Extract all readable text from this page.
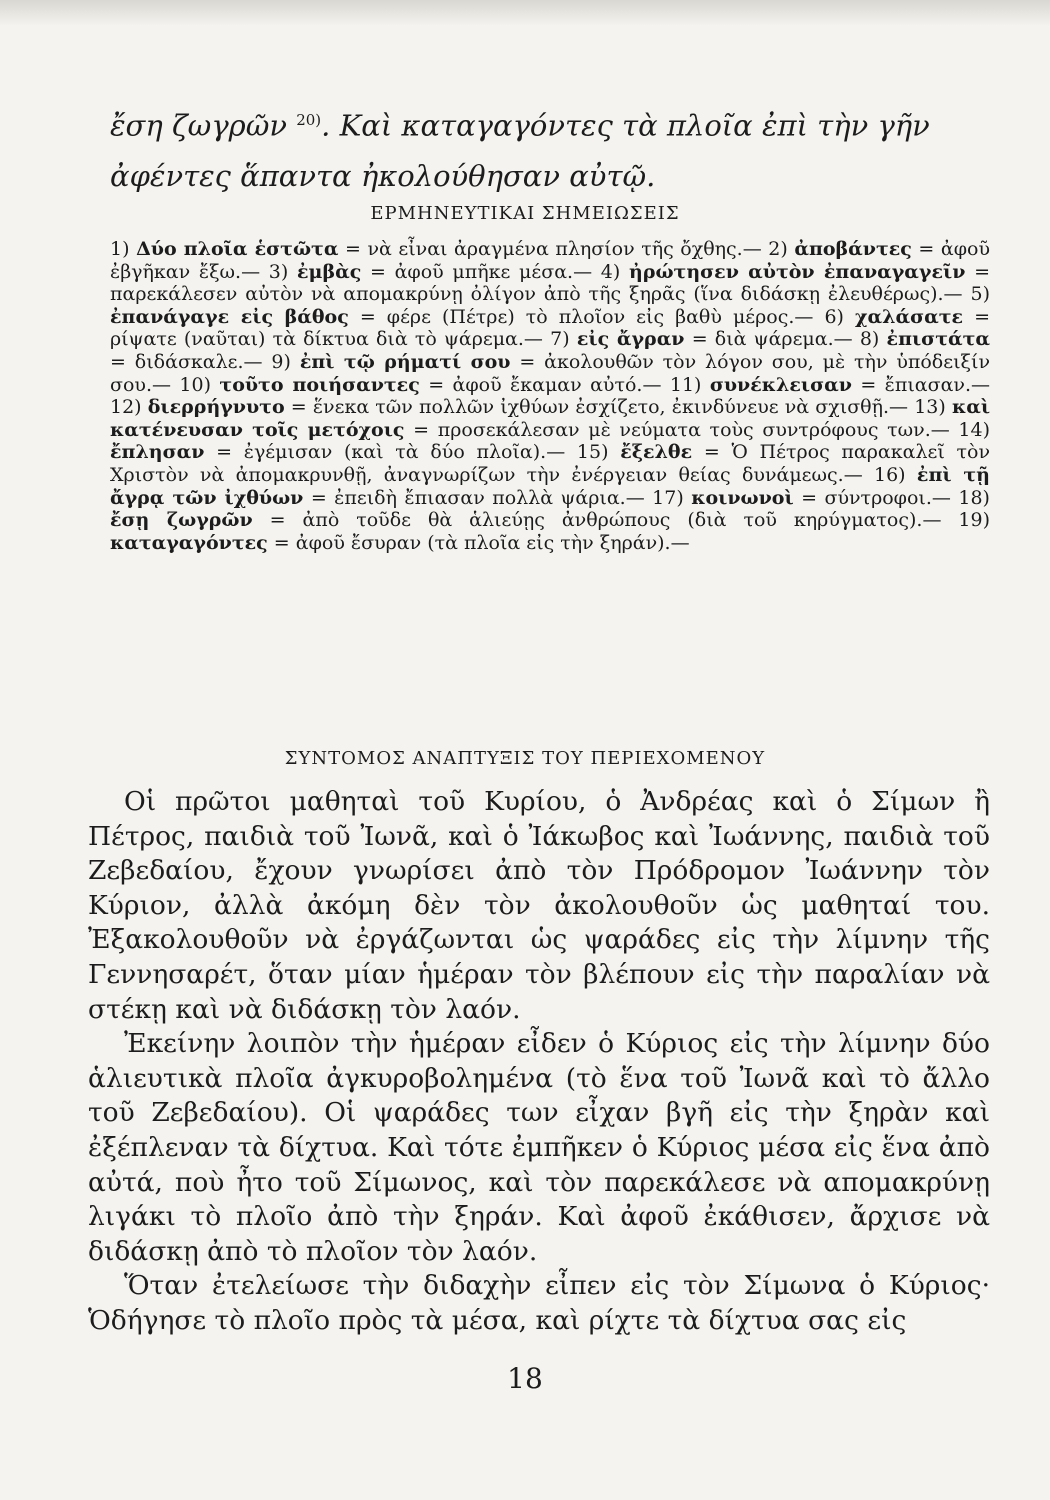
ἔση ζωγρῶν $^{20)}$. Καὶ καταγαγόντες τὰ πλοῖα ἐπὶ τὴν γῆν ἀφέντες ἅπαντα ἠκολούθησαν αὐτῷ.

ΕΡΜΗΝΕΥΤΙΚΑΙ ΣΗΜΕΙΩΣΕΙΣ

1) Δύο πλοῖα ἑστῶτα = νὰ εἶναι ἀραγμένα πλησίον τῆς ὄχθης.— 2) ἀποβάντες = ἀφοῦ ἐβγῆκαν ἔξω.— 3) ἐμβὰς = ἀφοῦ μπῆκε μέσα.— 4) ἠρώτησεν αὐτὸν ἐπαναγαγεῖν = παρεκάλεσεν αὐτὸν νὰ απομακρύνῃ ὀλίγον ἀπὸ τῆς ξηρᾶς (ἵνα διδάσκῃ ἐλευθέρως).— 5) ἐπανάγαγε εἰς βάθος = φέρε (Πέτρε) τὸ πλοῖον εἰς βαθὺ μέρος.— 6) χαλάσατε = ρίψατε (ναῦται) τὰ δίκτυα διὰ τὸ ψάρεμα.— 7) εἰς ἄγραν = διὰ ψάρεμα.— 8) ἐπιστάτα = διδάσκαλε.— 9) ἐπὶ τῷ ρήματί σου = ἀκολουθῶν τὸν λόγον σου, μὲ τὴν ὑπόδειξίν σου.— 10) τοῦτο ποιήσαντες = ἀφοῦ ἔκαμαν αὐτό.— 11) συνέκλεισαν = ἔπιασαν.— 12) διερρήγνυτο = ἕνεκα τῶν πολλῶν ἰχθύων ἐσχίζετο, ἐκινδύνευε νὰ σχισθῇ.— 13) καὶ κατένευσαν τοῖς μετόχοις = προσεκάλεσαν μὲ νεύματα τοὺς συντρόφους των.— 14) ἔπλησαν = ἐγέμισαν (καὶ τὰ δύο πλοῖα).— 15) ἔξελθε = Ὁ Πέτρος παρακαλεῖ τὸν Χριστὸν νὰ ἀπομακρυνθῇ, ἀναγνωρίζων τὴν ἐνέργειαν θείας δυνάμεως.— 16) ἐπὶ τῇ ἄγρᾳ τῶν ἰχθύων = ἐπειδὴ ἔπιασαν πολλὰ ψάρια.— 17) κοινωνοὶ = σύντροφοι.— 18) ἔσῃ ζωγρῶν = ἀπὸ τοῦδε θὰ ἁλιεύῃς ἀνθρώπους (διὰ τοῦ κηρύγματος).— 19) καταγαγόντες = ἀφοῦ ἔσυραν (τὰ πλοῖα εἰς τὴν ξηράν).—

ΣΥΝΤΟΜΟΣ ΑΝΑΠΤΥΞΙΣ ΤΟΥ ΠΕΡΙΕΧΟΜΕΝΟΥ

Οἱ πρῶτοι μαθηταὶ τοῦ Κυρίου, ὁ Ἀνδρέας καὶ ὁ Σίμων ἢ Πέτρος, παιδιὰ τοῦ Ἰωνᾶ, καὶ ὁ Ἰάκωβος καὶ Ἰωάννης, παιδιὰ τοῦ Ζεβεδαίου, ἔχουν γνωρίσει ἀπὸ τὸν Πρόδρομον Ἰωάννην τὸν Κύριον, ἀλλὰ ἀκόμη δὲν τὸν ἀκολουθοῦν ὡς μαθηταί του. Ἐξακολουθοῦν νὰ ἐργάζωνται ὡς ψαράδες εἰς τὴν λίμνην τῆς Γεννησαρέτ, ὅταν μίαν ἡμέραν τὸν βλέπουν εἰς τὴν παραλίαν νὰ στέκῃ καὶ νὰ διδάσκῃ τὸν λαόν.

Ἐκείνην λοιπὸν τὴν ἡμέραν εἶδεν ὁ Κύριος εἰς τὴν λίμνην δύο ἁλιευτικὰ πλοῖα ἀγκυροβολημένα (τὸ ἕνα τοῦ Ἰωνᾶ καὶ τὸ ἄλλο τοῦ Ζεβεδαίου). Οἱ ψαράδες των εἶχαν βγῆ εἰς τὴν ξηρὰν καὶ ἐξέπλεναν τὰ δίχτυα. Καὶ τότε ἐμπῆκεν ὁ Κύριος μέσα εἰς ἕνα ἀπὸ αὐτά, ποὺ ἦτο τοῦ Σίμωνος, καὶ τὸν παρεκάλεσε νὰ απομακρύνῃ λιγάκι τὸ πλοῖο ἀπὸ τὴν ξηράν. Καὶ ἀφοῦ ἐκάθισεν, ἄρχισε νὰ διδάσκῃ ἀπὸ τὸ πλοῖον τὸν λαόν.

Ὅταν ἐτελείωσε τὴν διδαχὴν εἶπεν εἰς τὸν Σίμωνα ὁ Κύριος· Ὁδήγησε τὸ πλοῖο πρὸς τὰ μέσα, καὶ ρίχτε τὰ δίχτυα σας εἰς

18
